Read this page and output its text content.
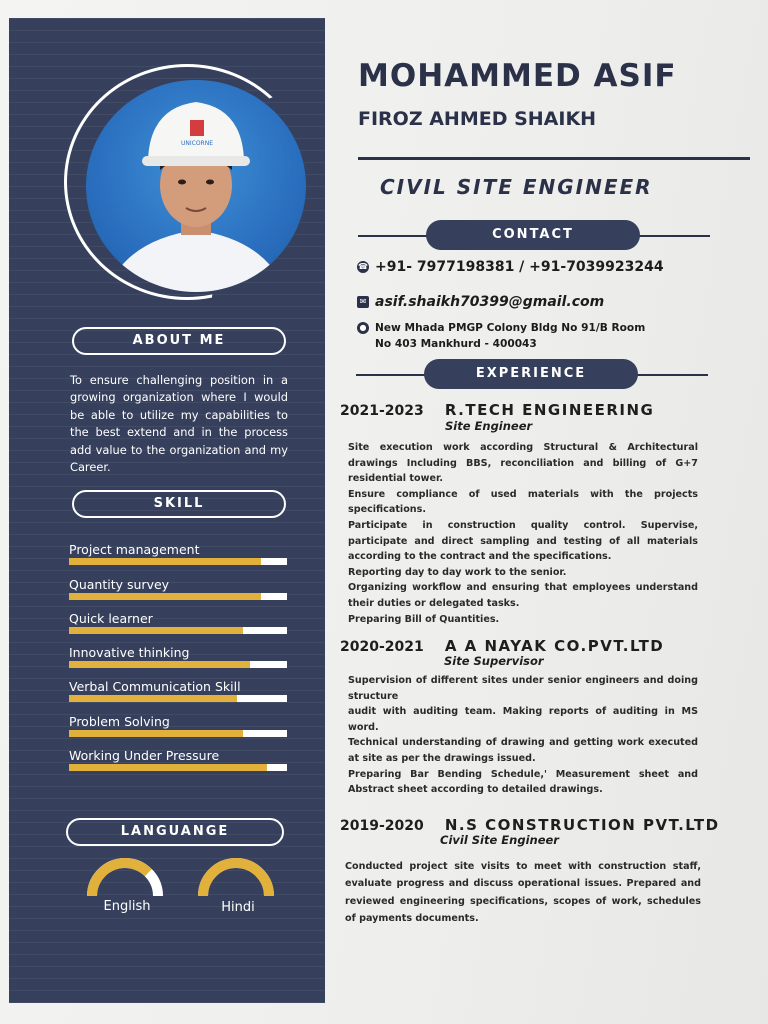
UNICORNE
ABOUT ME
To ensure challenging position in a growing organization where I would be able to utilize my capabilities to the best extend and in the process add value to the organization and my Career.
SKILL
Project management
Quantity survey
Quick learner
Innovative thinking
Verbal Communication Skill
Problem Solving
Working Under Pressure
LANGUANGE
English	Hindi
MOHAMMED ASIF
FIROZ AHMED SHAIKH
CIVIL SITE ENGINEER
CONTACT
☎ +91- 7977198381 / +91-7039923244
✉ asif.shaikh70399@gmail.com
● New Mhada PMGP Colony Bldg No 91/B Room
No 403 Mankhurd - 400043
EXPERIENCE
2021-2023 R.TECH ENGINEERING
Site Engineer
Site execution work according Structural & Architectural drawings Including BBS, reconciliation and billing of G+7 residential tower.
Ensure compliance of used materials with the projects specifications.
Participate in construction quality control. Supervise, participate and direct sampling and testing of all materials according to the contract and the specifications.
Reporting day to day work to the senior.
Organizing workflow and ensuring that employees understand their duties or delegated tasks.
Preparing Bill of Quantities.
2020-2021 A A NAYAK CO.PVT.LTD
Site Supervisor
Supervision of different sites under senior engineers and doing structure
audit with auditing team. Making reports of auditing in MS word.
Technical understanding of drawing and getting work executed at site as per the drawings issued.
Preparing Bar Bending Schedule,' Measurement sheet and Abstract sheet according to detailed drawings.
2019-2020 N.S CONSTRUCTION PVT.LTD
Civil Site Engineer
Conducted project site visits to meet with construction staff, evaluate progress and discuss operational issues. Prepared and reviewed engineering specifications, scopes of work, schedules of payments documents.
